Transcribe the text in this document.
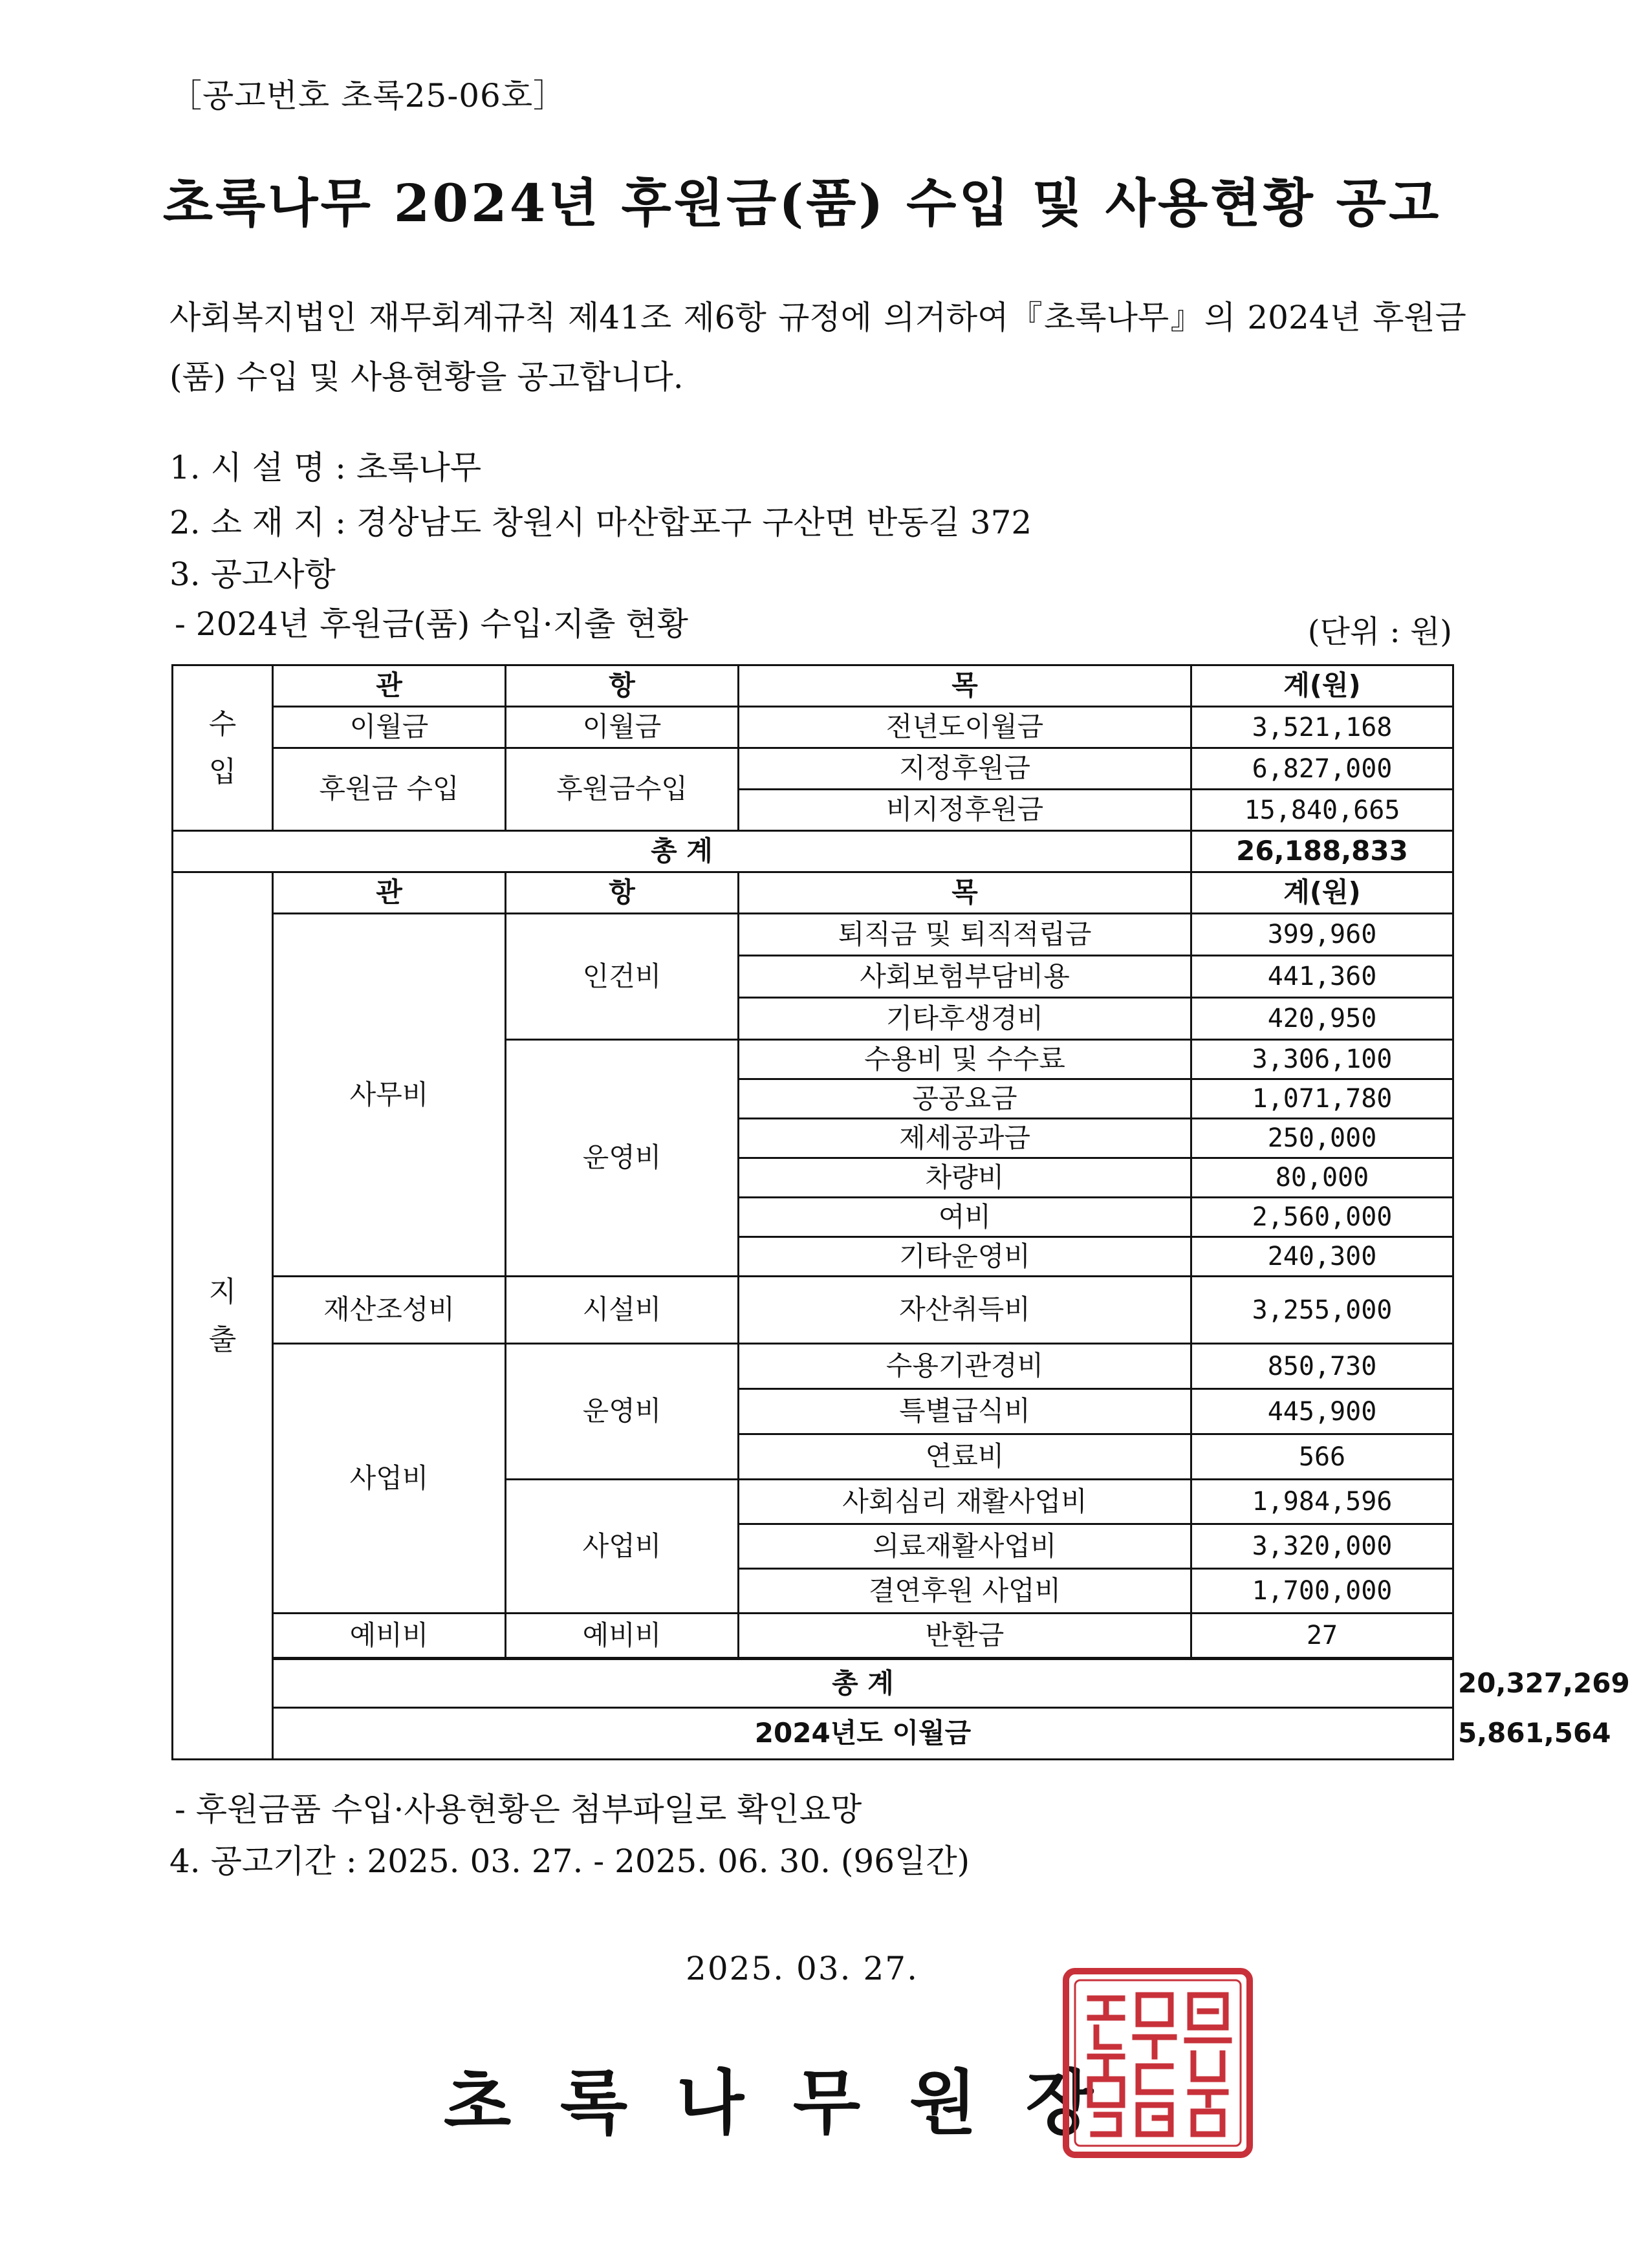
［공고번호 초록25-06호］
초록나무 2024년 후원금(품) 수입 및 사용현황 공고
사회복지법인 재무회계규칙 제41조 제6항 규정에 의거하여『초록나무』의 2024년 후원금(품) 수입 및 사용현황을 공고합니다.
1. 시 설 명 : 초록나무
2. 소 재 지 : 경상남도 창원시 마산합포구 구산면 반동길 372
3. 공고사항
- 2024년 후원금(품) 수입·지출 현황	(단위 : 원)
수
입	관	항	목	계(원)	
	이월금	이월금	전년도이월금	3,521,168	
	후원금 수입	후원금수입	지정후원금	6,827,000	
			비지정후원금	15,840,665	
총 계				26,188,833	

지
출	관	항	목	계(원)	
	사무비	인건비	퇴직금 및 퇴직적립금	399,960	
			사회보험부담비용	441,360	
			기타후생경비	420,950	
		운영비	수용비 및 수수료	3,306,100	
			공공요금	1,071,780	
			제세공과금	250,000	
			차량비	80,000	
			여비	2,560,000	
			기타운영비	240,300	
	재산조성비	시설비	자산취득비	3,255,000	
	사업비	운영비	수용기관경비	850,730	
			특별급식비	445,900	
			연료비	566	
		사업비	사회심리 재활사업비	1,984,596	
			의료재활사업비	3,320,000	
			결연후원 사업비	1,700,000	
	예비비	예비비	반환금	27	
	총 계				20,327,269
	2024년도 이월금				5,861,564
- 후원금품 수입·사용현황은 첨부파일로 확인요망
4. 공고기간 : 2025. 03. 27. - 2025. 06. 30. (96일간)
2025. 03. 27.
초 록 나 무 원 장
